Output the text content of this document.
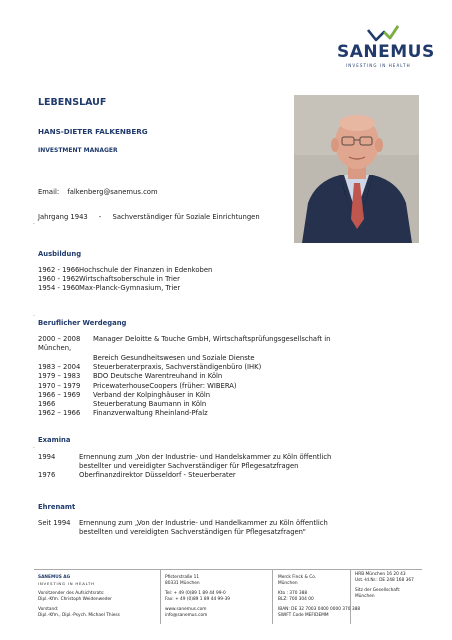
SANEMUS
INVESTING IN HEALTH
LEBENSLAUF
HANS-DIETER FALKENBERG
INVESTMENT MANAGER
Email: falkenberg@sanemus.com
Jahrgang 1943 - Sachverständiger für Soziale Einrichtungen
Ausbildung
1962 - 1966 Hochschule der Finanzen in Edenkoben
1960 - 1962 Wirtschaftsoberschule in Trier
1954 - 1960 Max-Planck-Gymnasium, Trier
Beruflicher Werdegang
2000 – 2008 Manager Deloitte & Touche GmbH, Wirtschaftsprüfungsgesellschaft in
München,
Bereich Gesundheitswesen und Soziale Dienste
1983 – 2004 Steuerberaterpraxis, Sachverständigenbüro (IHK)
1979 – 1983 BDO Deutsche Warentreuhand in Köln
1970 – 1979 PricewaterhouseCoopers (früher: WIBERA)
1966 – 1969 Verband der Kolpinghäuser in Köln
1966	Steuerberatung Baumann in Köln
1962 – 1966 Finanzverwaltung Rheinland-Pfalz
Examina
1994	Ernennung zum „Von der Industrie- und Handelskammer zu Köln öffentlich
bestellter und vereidigter Sachverständiger für Pflegesatzfragen
1976	Oberfinanzdirektor Düsseldorf - Steuerberater
Ehrenamt
Seit 1994 Ernennung zum „Von der Industrie- und Handelkammer zu Köln öffentlich
bestellten und vereidigten Sachverständigen für Pflegesatzfragen“
·
·
·
SANEMUS AG
INVESTING IN HEALTH
Vorsitzender des Aufsichtsrats:
Dipl.-Kfm. Christoph Weidenweder
Vorstand:
Dipl.-Kfm., Dipl.-Psych. Michael Thiess
Pfisterstraße 11
80331 München
Tel: + 49 (0)89 1 89 44 99-0
Fax: + 49 (0)89 1 89 44 99-39
www.sanemus.com
info@sanemus.com
Merck Finck & Co.
München
Kto : 370 388
BLZ: 700 304 00
IBAN: DE 32 7003 0400 0000 370 388
SWIFT Code MEFIDEMM
HRB München 16 20 43
Ust.-Id.Nr.: DE 248 168 367
Sitz der Gesellschaft:
München
